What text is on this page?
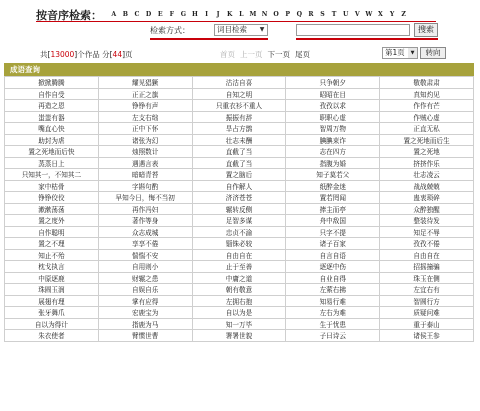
按音序检索：	A	B	C	D	E	F	G H	I	J	K	L M N O	P	Q	R	S	T	U	V W X	Y	Z
检索方式：	词目检索	▼	搜索
共[13000]个作品 分[44]页	首页 上一页 下一页 尾页	第1页	▼	转向
成语查询
掀掀腾腾	耀见猖獗	沽沽自喜	只争朝夕	敬敬肃肃
自作自受	正正之旗	自知之明	昭昭在目	真知灼见
再造之恩	铮铮有声	只重衣衫不重人	孜孜以求	作作有芒
蚩蚩有器	左支右绌	振振有辞	职职心虚	作贼心虚
嘴直心快	正中下怀	旱占方鹊	智周万物	正直无私
助封为虐	诸张为幻	壮志未酬	腆腆束诈	置之死地而后生
置之死地而后快	烛照数计	直截了当	志在四方	置之死地
蒸蒸日上	遇遇言表	直截了当	指腹为婚	挤挤作乐
只知其一，不知其二	暗暗青苔	置之脑后	知子莫若父	壮志凌云
家中枯骨	字斟句酌	自作解人	纸醉金迷	战战兢兢
铮铮佼佼	早知今日，悔不当初	济济苍苍	置若罔闻	蛊衷琐碎
漱漱荡荡	再作冯妇	辗转反侧	捧主而亭	众醉独醒
置之度外	著作等身	足智多谋	舟中敌国	整装待发
自作聪明	众志成城	忠贞不渝	只字不提	知足不辱
置之不理	享享不倦	锱铢必较	诸子百家	孜孜不倦
知止不殆	惴惴不安	自由自在	自言自语	自由自在
枕戈执言	自用则小	止于至善	逐逐中伤	招摇撞骗
中原逐鹿	财辗之患	中庸之道	自业自得	珠玉在侧
珠圆玉润	自娱自乐	朝有敬意	左萦右拂	左宜右有
展翅有理	掌有应得	左拥右抱	知易行难	智圆行方
张牙舞爪	宏鹿宝为	自以为是	左右为难	质疑问难
自以为得计	指鹿为马	知一万毕	生于忧患	重于泰山
朱衣使者	臂惯世曹	署署世貌	子曰诗云	诸侯王参
